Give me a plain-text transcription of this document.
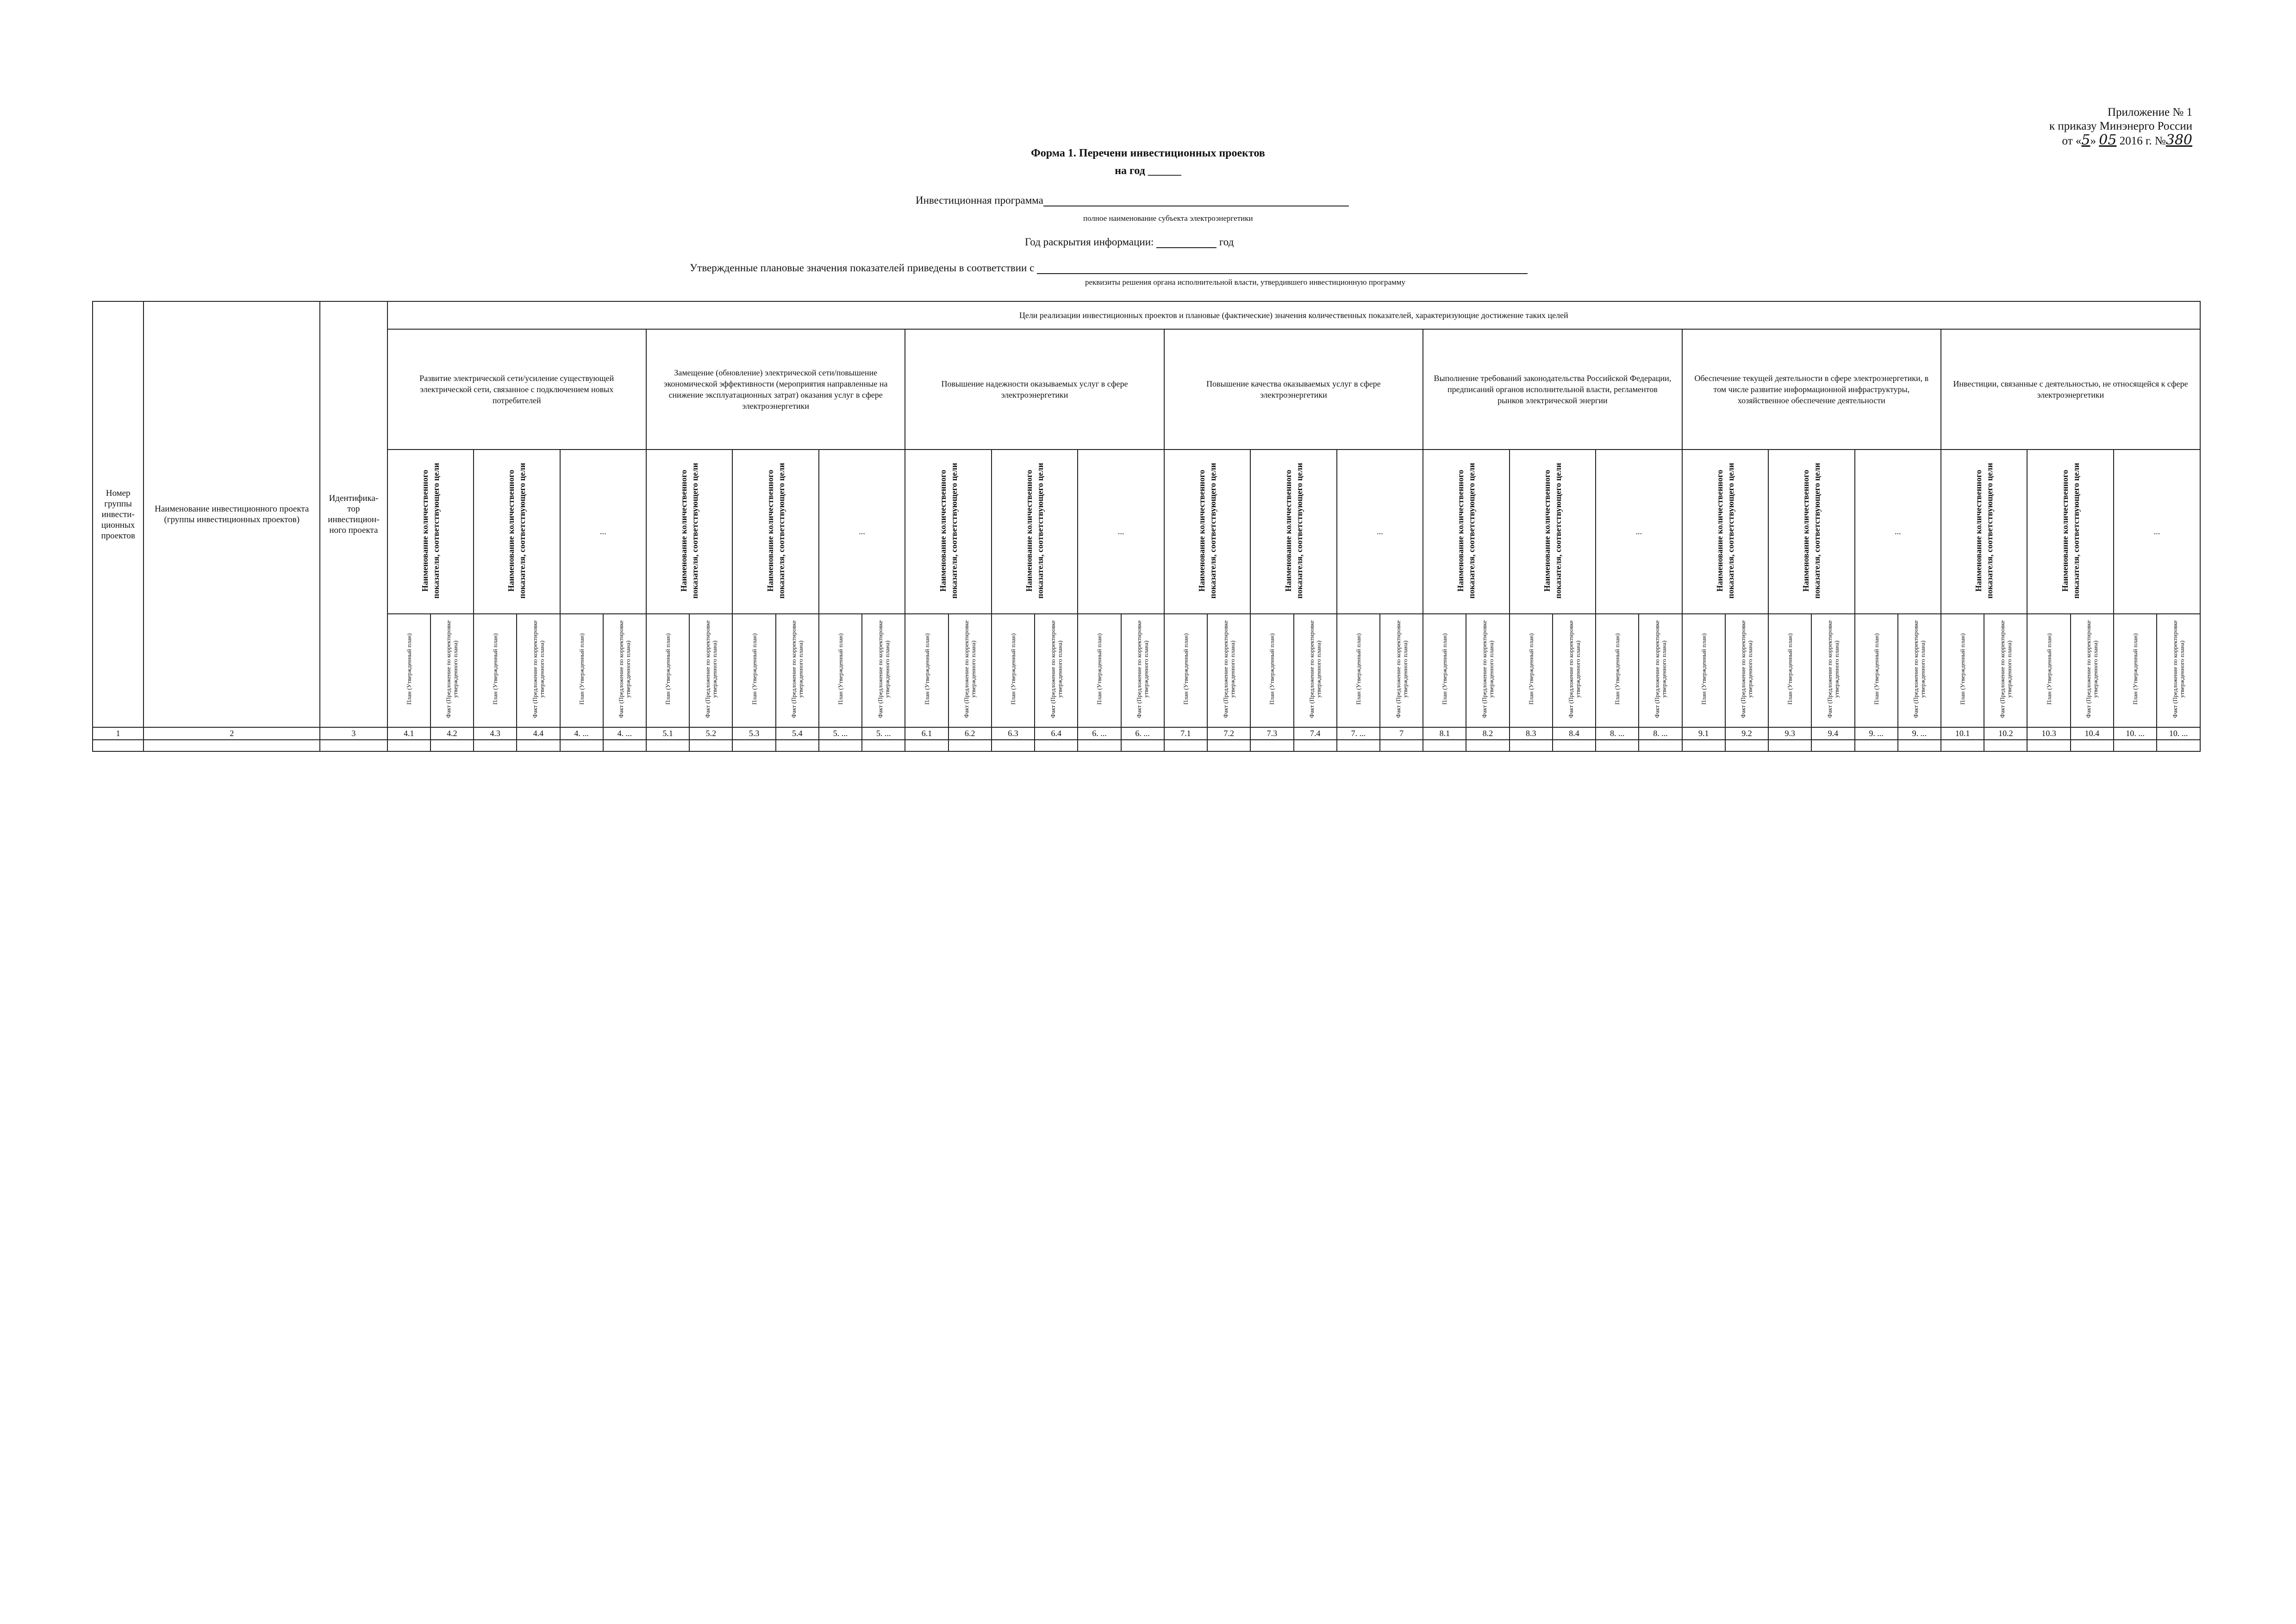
Приложение № 1
к приказу Минэнерго России
от «5» 05 2016 г. №380
Форма 1. Перечени инвестиционных проектов
на год ______
Инвестиционная программа
полное наименование субъекта электроэнергетики
Год раскрытия информации:	год
Утвержденные плановые значения показателей приведены в соответствии с
реквизиты решения органа исполнительной власти, утвердившего инвестиционную программу
Номер группы инвести-ционных проектов	Наименование инвестиционного проекта (группы инвестиционных проектов)	Идентифика-тор инвестицион-ного проекта	Цели реализации инвестиционных проектов и плановые (фактические) значения количественных показателей, характеризующие достижение таких целей																																									
			Развитие электрической сети/усиление существующей электрической сети, связанное с подключением новых потребителей						Замещение (обновление) электрической сети/повышение экономической эффективности (мероприятия направленные на снижение эксплуатационных затрат) оказания услуг в сфере электроэнергетики						Повышение надежности оказываемых услуг в сфере электроэнергетики						Повышение качества оказываемых услуг в сфере электроэнергетики						Выполнение требований законодательства Российской Федерации, предписаний органов исполнительной власти, регламентов рынков электрической энергии						Обеспечение текущей деятельности в сфере электроэнергетики, в том числе развитие информационной инфраструктуры, хозяйственное обеспечение деятельности						Инвестиции, связанные с деятельностью, не относящейся к сфере электроэнергетики					
			Наименование количественного показателя, соответствующего цели		Наименование количественного показателя, соответствующего цели		...		Наименование количественного показателя, соответствующего цели		Наименование количественного показателя, соответствующего цели		...		Наименование количественного показателя, соответствующего цели		Наименование количественного показателя, соответствующего цели		...		Наименование количественного показателя, соответствующего цели		Наименование количественного показателя, соответствующего цели		...		Наименование количественного показателя, соответствующего цели		Наименование количественного показателя, соответствующего цели		...		Наименование количественного показателя, соответствующего цели		Наименование количественного показателя, соответствующего цели		...		Наименование количественного показателя, соответствующего цели		Наименование количественного показателя, соответствующего цели		...	
			План (Утвержденный план)	Факт (Предложение по корректировке утвержденного плана)	План (Утвержденный план)	Факт (Предложение по корректировке утвержденного плана)	План (Утвержденный план)	Факт (Предложение по корректировке утвержденного плана)	План (Утвержденный план)	Факт (Предложение по корректировке утвержденного плана)	План (Утвержденный план)	Факт (Предложение по корректировке утвержденного плана)	План (Утвержденный план)	Факт (Предложение по корректировке утвержденного плана)	План (Утвержденный план)	Факт (Предложение по корректировке утвержденного плана)	План (Утвержденный план)	Факт (Предложение по корректировке утвержденного плана)	План (Утвержденный план)	Факт (Предложение по корректировке утвержденного плана)	План (Утвержденный план)	Факт (Предложение по корректировке утвержденного плана)	План (Утвержденный план)	Факт (Предложение по корректировке утвержденного плана)	План (Утвержденный план)	Факт (Предложение по корректировке утвержденного плана)	План (Утвержденный план)	Факт (Предложение по корректировке утвержденного плана)	План (Утвержденный план)	Факт (Предложение по корректировке утвержденного плана)	План (Утвержденный план)	Факт (Предложение по корректировке утвержденного плана)	План (Утвержденный план)	Факт (Предложение по корректировке утвержденного плана)	План (Утвержденный план)	Факт (Предложение по корректировке утвержденного плана)	План (Утвержденный план)	Факт (Предложение по корректировке утвержденного плана)	План (Утвержденный план)	Факт (Предложение по корректировке утвержденного плана)	План (Утвержденный план)	Факт (Предложение по корректировке утвержденного плана)	План (Утвержденный план)	Факт (Предложение по корректировке утвержденного плана)
1	2	3	4.1	4.2	4.3	4.4	4. ...	4. ...	5.1	5.2	5.3	5.4	5. ...	5. ...	6.1	6.2	6.3	6.4	6. ...	6. ...	7.1	7.2	7.3	7.4	7. ...	7	8.1	8.2	8.3	8.4	8. ...	8. ...	9.1	9.2	9.3	9.4	9. ...	9. ...	10.1	10.2	10.3	10.4	10. ...	10. ...
